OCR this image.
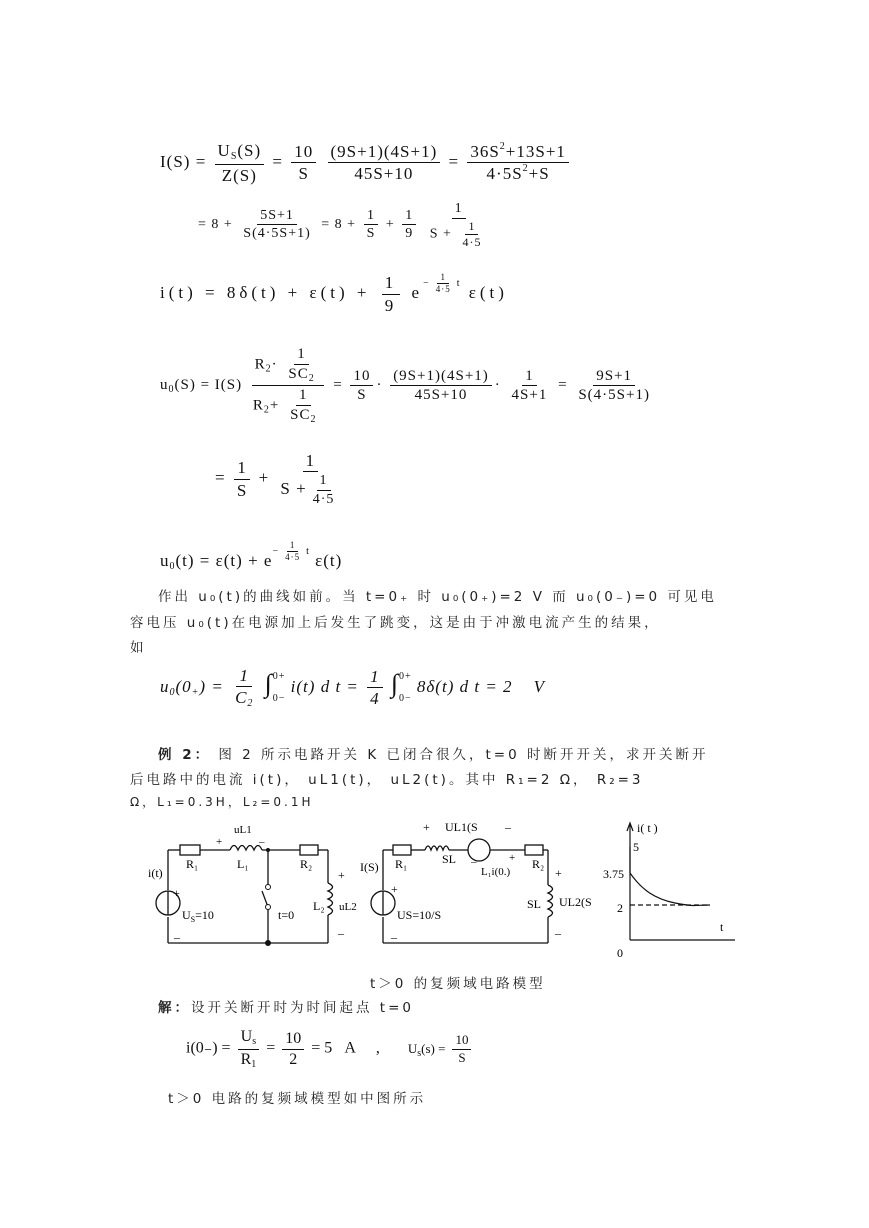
$I(S) = \frac{U_S(S)}{Z(S)} = \frac{10}{S}$
$\frac{(9S+1)(4S+1)}{45S+10} = \frac{36S^2+13S+1}{4\cdot 5S^2+S}$
= $8 + \frac{5S+1}{S(4\cdot 5S+1)} = 8 + \frac{1}{S} + \frac{1}{9}$
$\frac{1}{S + \frac{1}{4\cdot 5}}$
$i(t) = 8\delta(t) + \varepsilon(t) + \frac{1}{9} e- \frac{1}{4\cdot 5}$ t ε(t)
$u_0(S) = I(S) \frac{R_2\cdot \frac{1}{SC_2}}{R_2+ \frac{1}{SC_2}} = \frac{10}{S} \cdot \frac{(9S+1)(4S+1)}{45S+10} \cdot \frac{1}{4S+1} = \frac{9S+1}{S(4\cdot 5S+1)}$
= $\frac{1}{S} + \frac{1}{S + \frac{1}{4\cdot 5}}$
$u_0(t) = \varepsilon(t) + e- \frac{1}{4\cdot 5}$ t ε(t)
作出 u₀(t)的曲线如前。当 t=0₊ 时 u₀(0₊)=2 V 而 u₀(0₋)=0 可见电
容电压 u₀(t)在电源加上后发生了跳变，这是由于冲激电流产生的结果，
如
$u_0(0_+) = \frac{1}{C_2}$ ∫ 0+
0−
i(t) d $t = \frac{1}{4}$ ∫ 0+
0−
8δ(t) d t = 2 V
例 2： 图 2 所示电路开关 K 已闭合很久，t=0 时断开开关，求开关断开
后电路中的电流 i(t)， uL1(t)， uL2(t)。其中 R₁=2 Ω， R₂=3
Ω，L₁=0.3H，L₂=0.1H
uL1
+	–
R₁	L₁	R₂
i(t)
+
$U_S=10$
–
t=0
L₂ uL2
+
–
+ UL1(S –
R₁	SL –	+
L₁i(0.)
R₂
I(S)
+
US=10/S
–
SL UL2(S
+
–
i( t )
5
3.75
2
t
0
t＞0 的复频域电路模型
解：设开关断开时为时间起点 t=0
$i(0_-) = \frac{U_s}{R_1} = \frac{10}{2} = 5$ A , $U_s(s) = \frac{10}{S}$
t＞0 电路的复频域模型如中图所示
